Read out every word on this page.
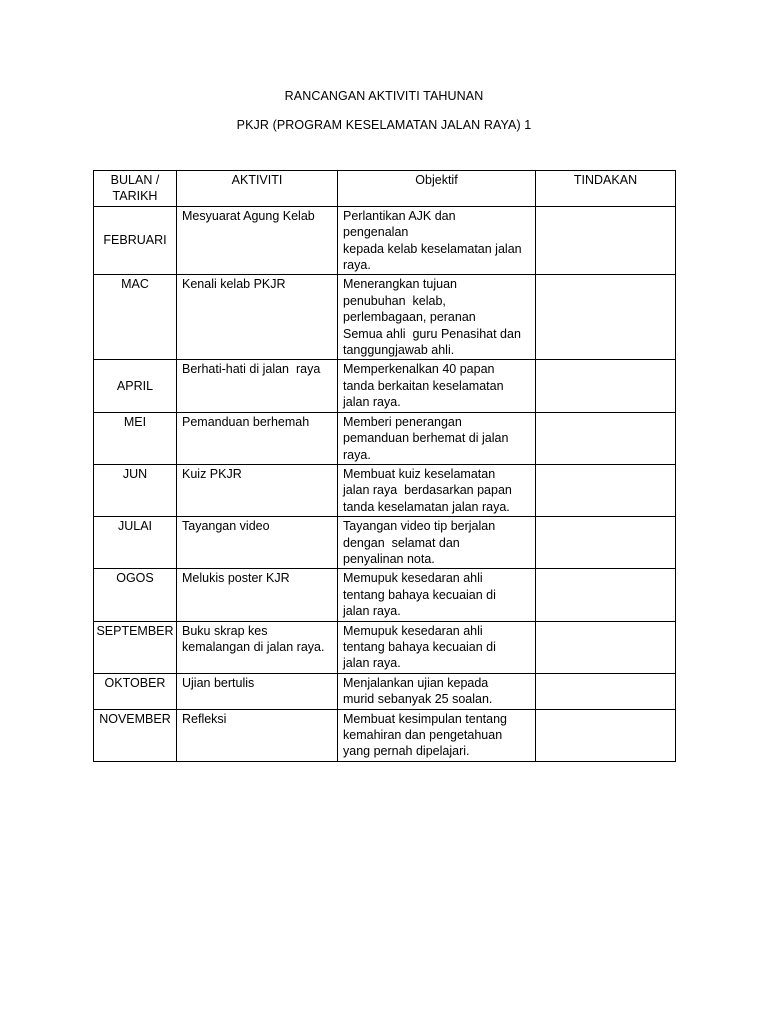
RANCANGAN AKTIVITI TAHUNAN
PKJR (PROGRAM KESELAMATAN JALAN RAYA) 1
BULAN /
TARIKH	AKTIVITI	Objektif	TINDAKAN
FEBRUARI	Mesyuarat Agung Kelab	Perlantikan AJK dan
pengenalan
kepada kelab keselamatan jalan
raya.	

MAC	Kenali kelab PKJR	Menerangkan tujuan
penubuhan  kelab,
perlembagaan, peranan
Semua ahli  guru Penasihat dan
tanggungjawab ahli.	

APRIL	Berhati-hati di jalan  raya	Memperkenalkan 40 papan
tanda berkaitan keselamatan
jalan raya.	

MEI	Pemanduan berhemah	Memberi penerangan
pemanduan berhemat di jalan
raya.	

JUN	Kuiz PKJR	Membuat kuiz keselamatan
jalan raya  berdasarkan papan
tanda keselamatan jalan raya.	

JULAI	Tayangan video	Tayangan video tip berjalan
dengan  selamat dan
penyalinan nota.	

OGOS	Melukis poster KJR	Memupuk kesedaran ahli
tentang bahaya kecuaian di
jalan raya.	

SEPTEMBER	Buku skrap kes
kemalangan di jalan raya.	Memupuk kesedaran ahli
tentang bahaya kecuaian di
jalan raya.	

OKTOBER	Ujian bertulis	Menjalankan ujian kepada
murid sebanyak 25 soalan.	

NOVEMBER	Refleksi	Membuat kesimpulan tentang
kemahiran dan pengetahuan
yang pernah dipelajari.	
